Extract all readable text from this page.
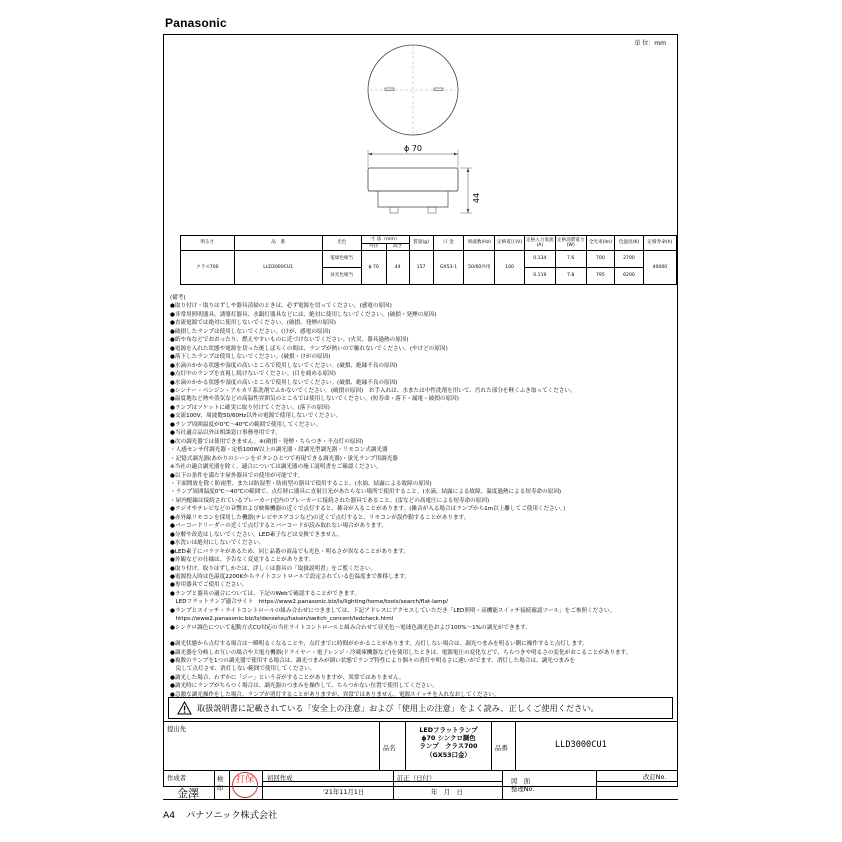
Panasonic
単 位：mm
ϕ 70
44
明るさ	品　番	光色	寸 法（mm）		質量(g)	口 金	周波数(Hz)	定格電圧(V)	定格入力電流(A)	定格消費電力(W)	全光束(lm)	色温度(K)	定格寿命(h)
			外径	高さ									
クラス700	LLD3000CU1	電球色相当	ϕ 70	44	157	GX53-1	50/60共用	100	0.134	7.6	700	2700	40000
		昼光色相当							0.119	7.8	795	6200	
(備考)
●取り付け・取りはずしや器具清掃のときは、必ず電源を切ってください。(感電の原因)
●非常用照明器具、誘導灯器具、水銀灯器具などには、絶対に使用しないでください。(破損・発煙の原因)
●直流電源では絶対に使用しないでください。(破損、発煙の原因)
●破損したランプは使用しないでください。(けが、感電の原因)
●紙や布などでおおったり、燃えやすいものに近づけないでください。(火災、器具過熱の原因)
●電源を入れた状態や電源を切った後しばらくの間は、ランプが熱いので触れないでください。(やけどの原因)
●落下したランプは使用しないでください。(破損・けがの原因)
●水滴のかかる状態や湿度の高いところで使用しないでください。(破損、絶縁不良の原因)
●点灯中のランプを直視し続けないでください。(目を痛める原因)
●水滴のかかる状態や湿度の高いところで使用しないでください。(破損、絶縁不良の原因)
●シンナー・ベンジン・アルカリ系洗剤でふかないでください。(破損の原因)　お手入れは、水または中性洗剤を用いて、汚れた部分を軽くふき取ってください。
●温度地など熱や蒸気などの高温性雰囲気のところでは使用しないでください。(短寿命・落下・漏電・破損の原因)
●ランプはソケットに確実に取り付けてください。(落下の原因)
●交流100V、周波数50/60Hz以外の電源で使用しないでください。
●ランプ周囲温度が0℃〜40℃の範囲で使用してください。
●当社適合品以外は相談窓口事務専用です。
●次の調光器では使用できません。※(破損・発煙・ちらつき・不点灯の原因)
・人感センサ付調光器・定格100W以上の調光器・段調光型調光器・リモコン式調光器
・記憶式調光器(あかりのシーンをボタンひとつで再現できる調光器)・蛍光ランプ用調光器
※当社の適合調光器を除く。適合については調光器の施工説明書をご確認ください。
●以下の条件を満たす屋外器具での使用が可能です。
・下面開放を除く防雨型、または防湿型・防雨型の器具で使用すること。(水油、結露による故障の原因)
・ランプ周囲温度0℃〜40℃の範囲で、点灯時に器具に直射日光があたらない場所で使用すること。(水滴、結露による故障、温度過熱による短寿命の原因)
・屋内配線は接続されているブレーカー(宅内のブレーカーに接続された器具であること。(雷などの高電圧による短寿命の原因)
●ラジオやテレビなどの音響および映像機器の近くで点灯すると、雑音が入ることがあります。(雑音が入る場合はランプから1m以上離してご使用ください。)
●赤外線リモコンを採用した機器(テレビやエアコンなど)の近くで点灯すると、リモコンが誤作動することがあります。
●バーコードリーダーの近くで点灯するとバーコードが読み取れない場合があります。
●分解や改造はしないでください。LED素子などは交換できません。
●水洗いは絶対にしないでください。
●LED素子にバラツキがあるため、同じ品番の商品でも光色・明るさが異なることがあります。
●外観などの仕様は、予告なく変更することがあります。
●取り付け、取りはずしかたは、詳しくは器具の「取扱説明書」をご覧ください。
●電源投入時は色温度2200Kからライトコントロールで設定されている色温度まで推移します。
●専用器具でご使用ください。
●ランプと器具の適合については、下記のWebで確認することができます。
　LEDフラットランプ適合サイト　https://www2.panasonic.biz/ls/lighting/home/tools/search/flat-lamp/
●ランプとスイッチ・ライトコントロールの組み合わせにつきましては、下記アドレスにアクセスしていただき「LED照明・高機能スイッチ接続確認ツール」をご参照ください。
　https://www2.panasonic.biz/ls/densetsu/haisen/switch_concent/ledcheck.html
●シンクロ調色について起動方式CU対応の当社ライトコントロールと組み合わせて昼光色〜電球色調光色および100%〜1%の調光ができます。
●調光状態から点灯する場合は一瞬明るくなることや、点灯までに時間がかかることがあります。点灯しない場合は、調光つまみを明るい側に操作すると点灯します。
●調光器を分岐しお互いの場合や大電力機器(ドライヤー・電子レンジ・冷蔵庫機器など)を使用したときは、電源電圧の変化などで、ちらつきや明るさの変化がおこることがあります。
●複数のランプを1つの調光器で使用する場合は、調光つまみが細い状態でランプ特性により個々の消灯や明るさに違いがでます。消灯した場合は、調光つまみを
　戻して点灯させ、消灯しない範囲で使用してください。
●調光した場合、わずかに「ジー」という音がすることがありますが、異常ではありません。
●調光時にランプがちらつく場合は、調光器のつまみを操作して、ちらつかない位置で使用してください。
●急激な調光操作をした場合、ランプが消灯することがありますが、異常ではありません。電源スイッチを入れなおしてください。
取扱説明書に記載されている「安全上の注意」および「使用上の注意」をよく読み、正しくご使用ください。
提出先
品名
LEDフラットランプ
ϕ70 シンクロ調色
ランプ　クラス700
（GX53口金）
品番	LLD3000CU1
作成者
金澤
検印
打保	初回作成
'21年11月1日
訂正（日付）
年　月　日
図　面
整理No.
改訂No.
A4 パナソニック株式会社
